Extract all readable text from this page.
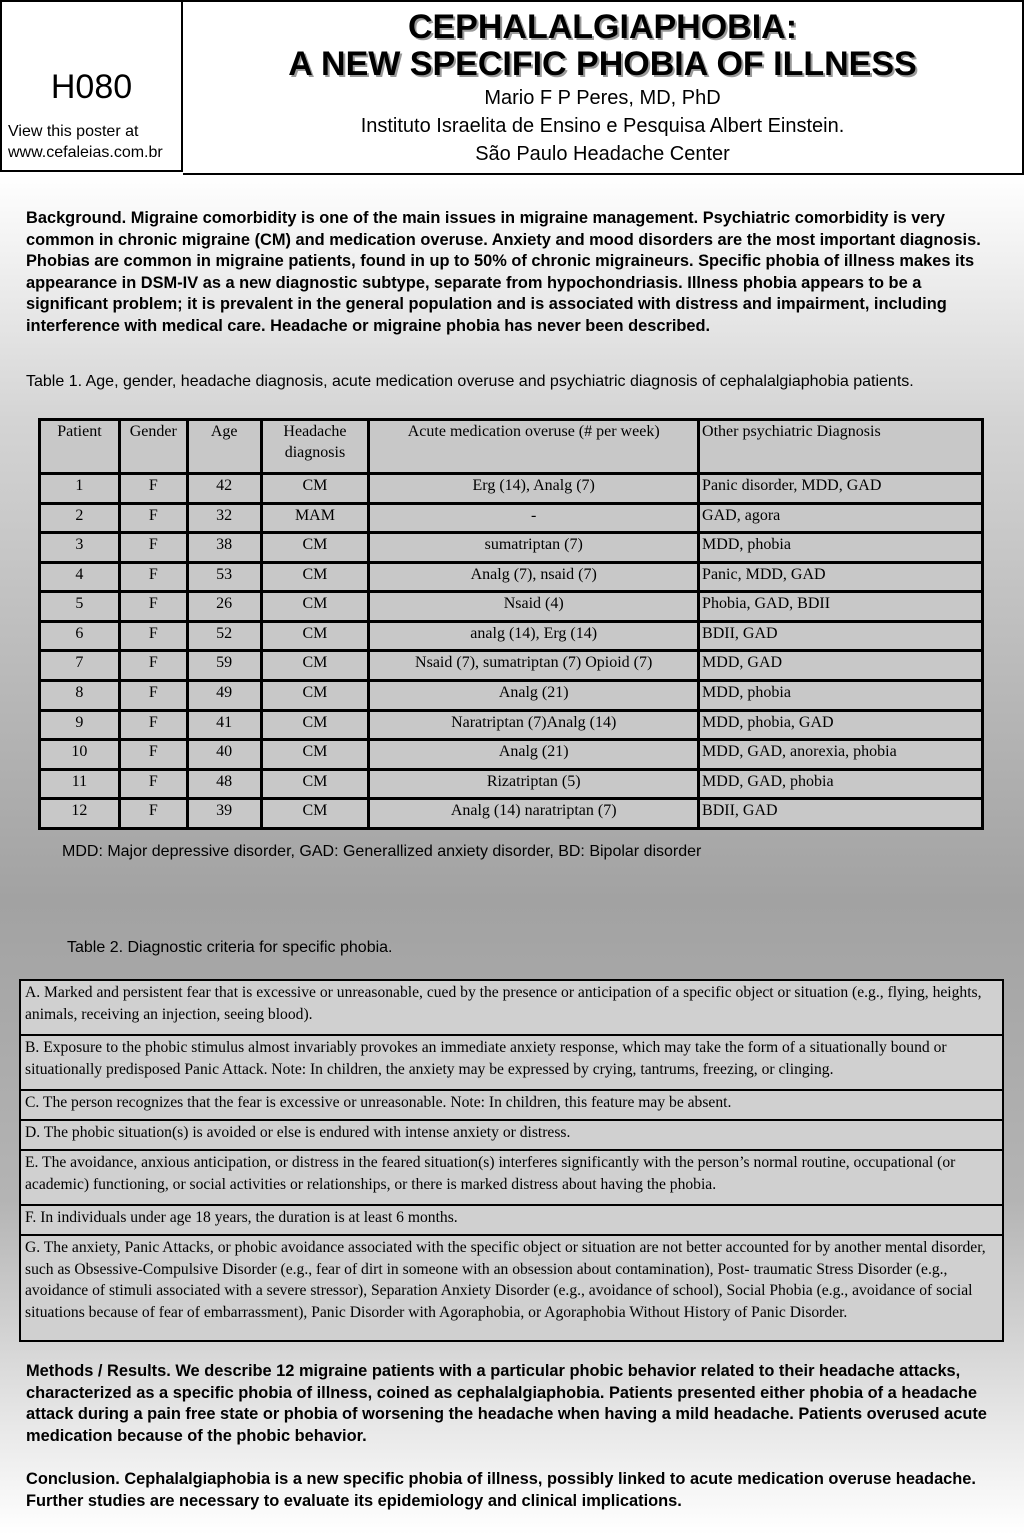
H080
View this poster at
www.cefaleias.com.br
CEPHALALGIAPHOBIA:
A NEW SPECIFIC PHOBIA OF ILLNESS
Mario F P Peres, MD, PhD
Instituto Israelita de Ensino e Pesquisa Albert Einstein.
São Paulo Headache Center
Background. Migraine comorbidity is one of the main issues in migraine management. Psychiatric comorbidity is very common in chronic migraine (CM) and medication overuse. Anxiety and mood disorders are the most important diagnosis. Phobias are common in migraine patients, found in up to 50% of chronic migraineurs. Specific phobia of illness makes its appearance in DSM-IV as a new diagnostic subtype, separate from hypochondriasis. Illness phobia appears to be a significant problem; it is prevalent in the general population and is associated with distress and impairment, including interference with medical care. Headache or migraine phobia has never been described.
Table 1. Age, gender, headache diagnosis, acute medication overuse and psychiatric diagnosis of cephalalgiaphobia patients.
Patient	Gender	Age	Headache diagnosis	Acute medication overuse (# per week)	Other psychiatric Diagnosis
1	F	42	CM	Erg (14), Analg (7)	Panic disorder, MDD, GAD
2	F	32	MAM	-	GAD, agora
3	F	38	CM	sumatriptan (7)	MDD, phobia
4	F	53	CM	Analg (7), nsaid (7)	Panic, MDD, GAD
5	F	26	CM	Nsaid (4)	Phobia, GAD, BDII
6	F	52	CM	analg (14), Erg (14)	BDII, GAD
7	F	59	CM	Nsaid (7), sumatriptan (7) Opioid (7)	MDD, GAD
8	F	49	CM	Analg (21)	MDD, phobia
9	F	41	CM	Naratriptan (7)Analg (14)	MDD, phobia, GAD
10	F	40	CM	Analg (21)	MDD, GAD, anorexia, phobia
11	F	48	CM	Rizatriptan (5)	MDD, GAD, phobia
12	F	39	CM	Analg (14) naratriptan (7)	BDII, GAD
MDD: Major depressive disorder, GAD: Generallized anxiety disorder, BD: Bipolar disorder
Table 2. Diagnostic criteria for specific phobia.
A. Marked and persistent fear that is excessive or unreasonable, cued by the presence or anticipation of a specific object or situation (e.g., flying, heights, animals, receiving an injection, seeing blood).
B. Exposure to the phobic stimulus almost invariably provokes an immediate anxiety response, which may take the form of a situationally bound or situationally predisposed Panic Attack. Note: In children, the anxiety may be expressed by crying, tantrums, freezing, or clinging.
C. The person recognizes that the fear is excessive or unreasonable. Note: In children, this feature may be absent.
D. The phobic situation(s) is avoided or else is endured with intense anxiety or distress.
E. The avoidance, anxious anticipation, or distress in the feared situation(s) interferes significantly with the person’s normal routine, occupational (or academic) functioning, or social activities or relationships, or there is marked distress about having the phobia.
F. In individuals under age 18 years, the duration is at least 6 months.
G. The anxiety, Panic Attacks, or phobic avoidance associated with the specific object or situation are not better accounted for by another mental disorder, such as Obsessive-Compulsive Disorder (e.g., fear of dirt in someone with an obsession about contamination), Post- traumatic Stress Disorder (e.g., avoidance of stimuli associated with a severe stressor), Separation Anxiety Disorder (e.g., avoidance of school), Social Phobia (e.g., avoidance of social situations because of fear of embarrassment), Panic Disorder with Agoraphobia, or Agoraphobia Without History of Panic Disorder.
Methods / Results. We describe 12 migraine patients with a particular phobic behavior related to their headache attacks, characterized as a specific phobia of illness, coined as cephalalgiaphobia. Patients presented either phobia of a headache attack during a pain free state or phobia of worsening the headache when having a mild headache. Patients overused acute medication because of the phobic behavior.
Conclusion. Cephalalgiaphobia is a new specific phobia of illness, possibly linked to acute medication overuse headache. Further studies are necessary to evaluate its epidemiology and clinical implications.
